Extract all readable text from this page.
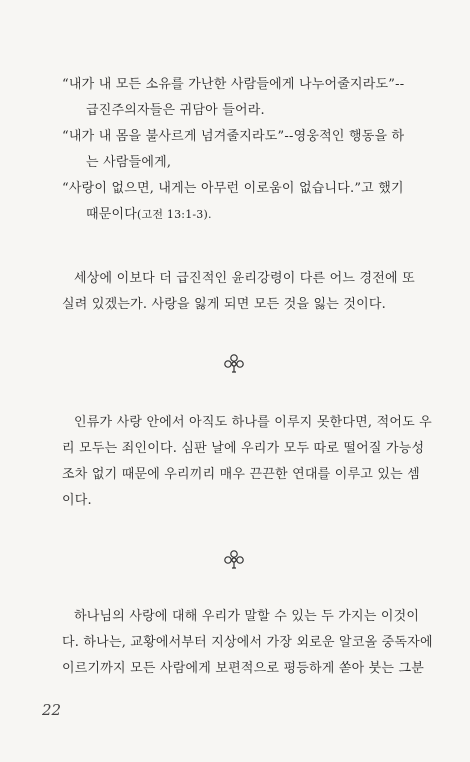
“내가 내 모든 소유를 가난한 사람들에게 나누어줄지라도”--
급진주의자들은 귀담아 들어라.
“내가 내 몸을 불사르게 넘겨줄지라도”--영웅적인 행동을 하
는 사람들에게,
“사랑이 없으면, 내게는 아무런 이로움이 없습니다.”고 했기
때문이다(고전 13:1-3).
세상에 이보다 더 급진적인 윤리강령이 다른 어느 경전에 또
실려 있겠는가. 사랑을 잃게 되면 모든 것을 잃는 것이다.
인류가 사랑 안에서 아직도 하나를 이루지 못한다면, 적어도 우
리 모두는 죄인이다. 심판 날에 우리가 모두 따로 떨어질 가능성
조차 없기 때문에 우리끼리 매우 끈끈한 연대를 이루고 있는 셈
이다.
하나님의 사랑에 대해 우리가 말할 수 있는 두 가지는 이것이
다. 하나는, 교황에서부터 지상에서 가장 외로운 알코올 중독자에
이르기까지 모든 사람에게 보편적으로 평등하게 쏟아 붓는 그분
22
